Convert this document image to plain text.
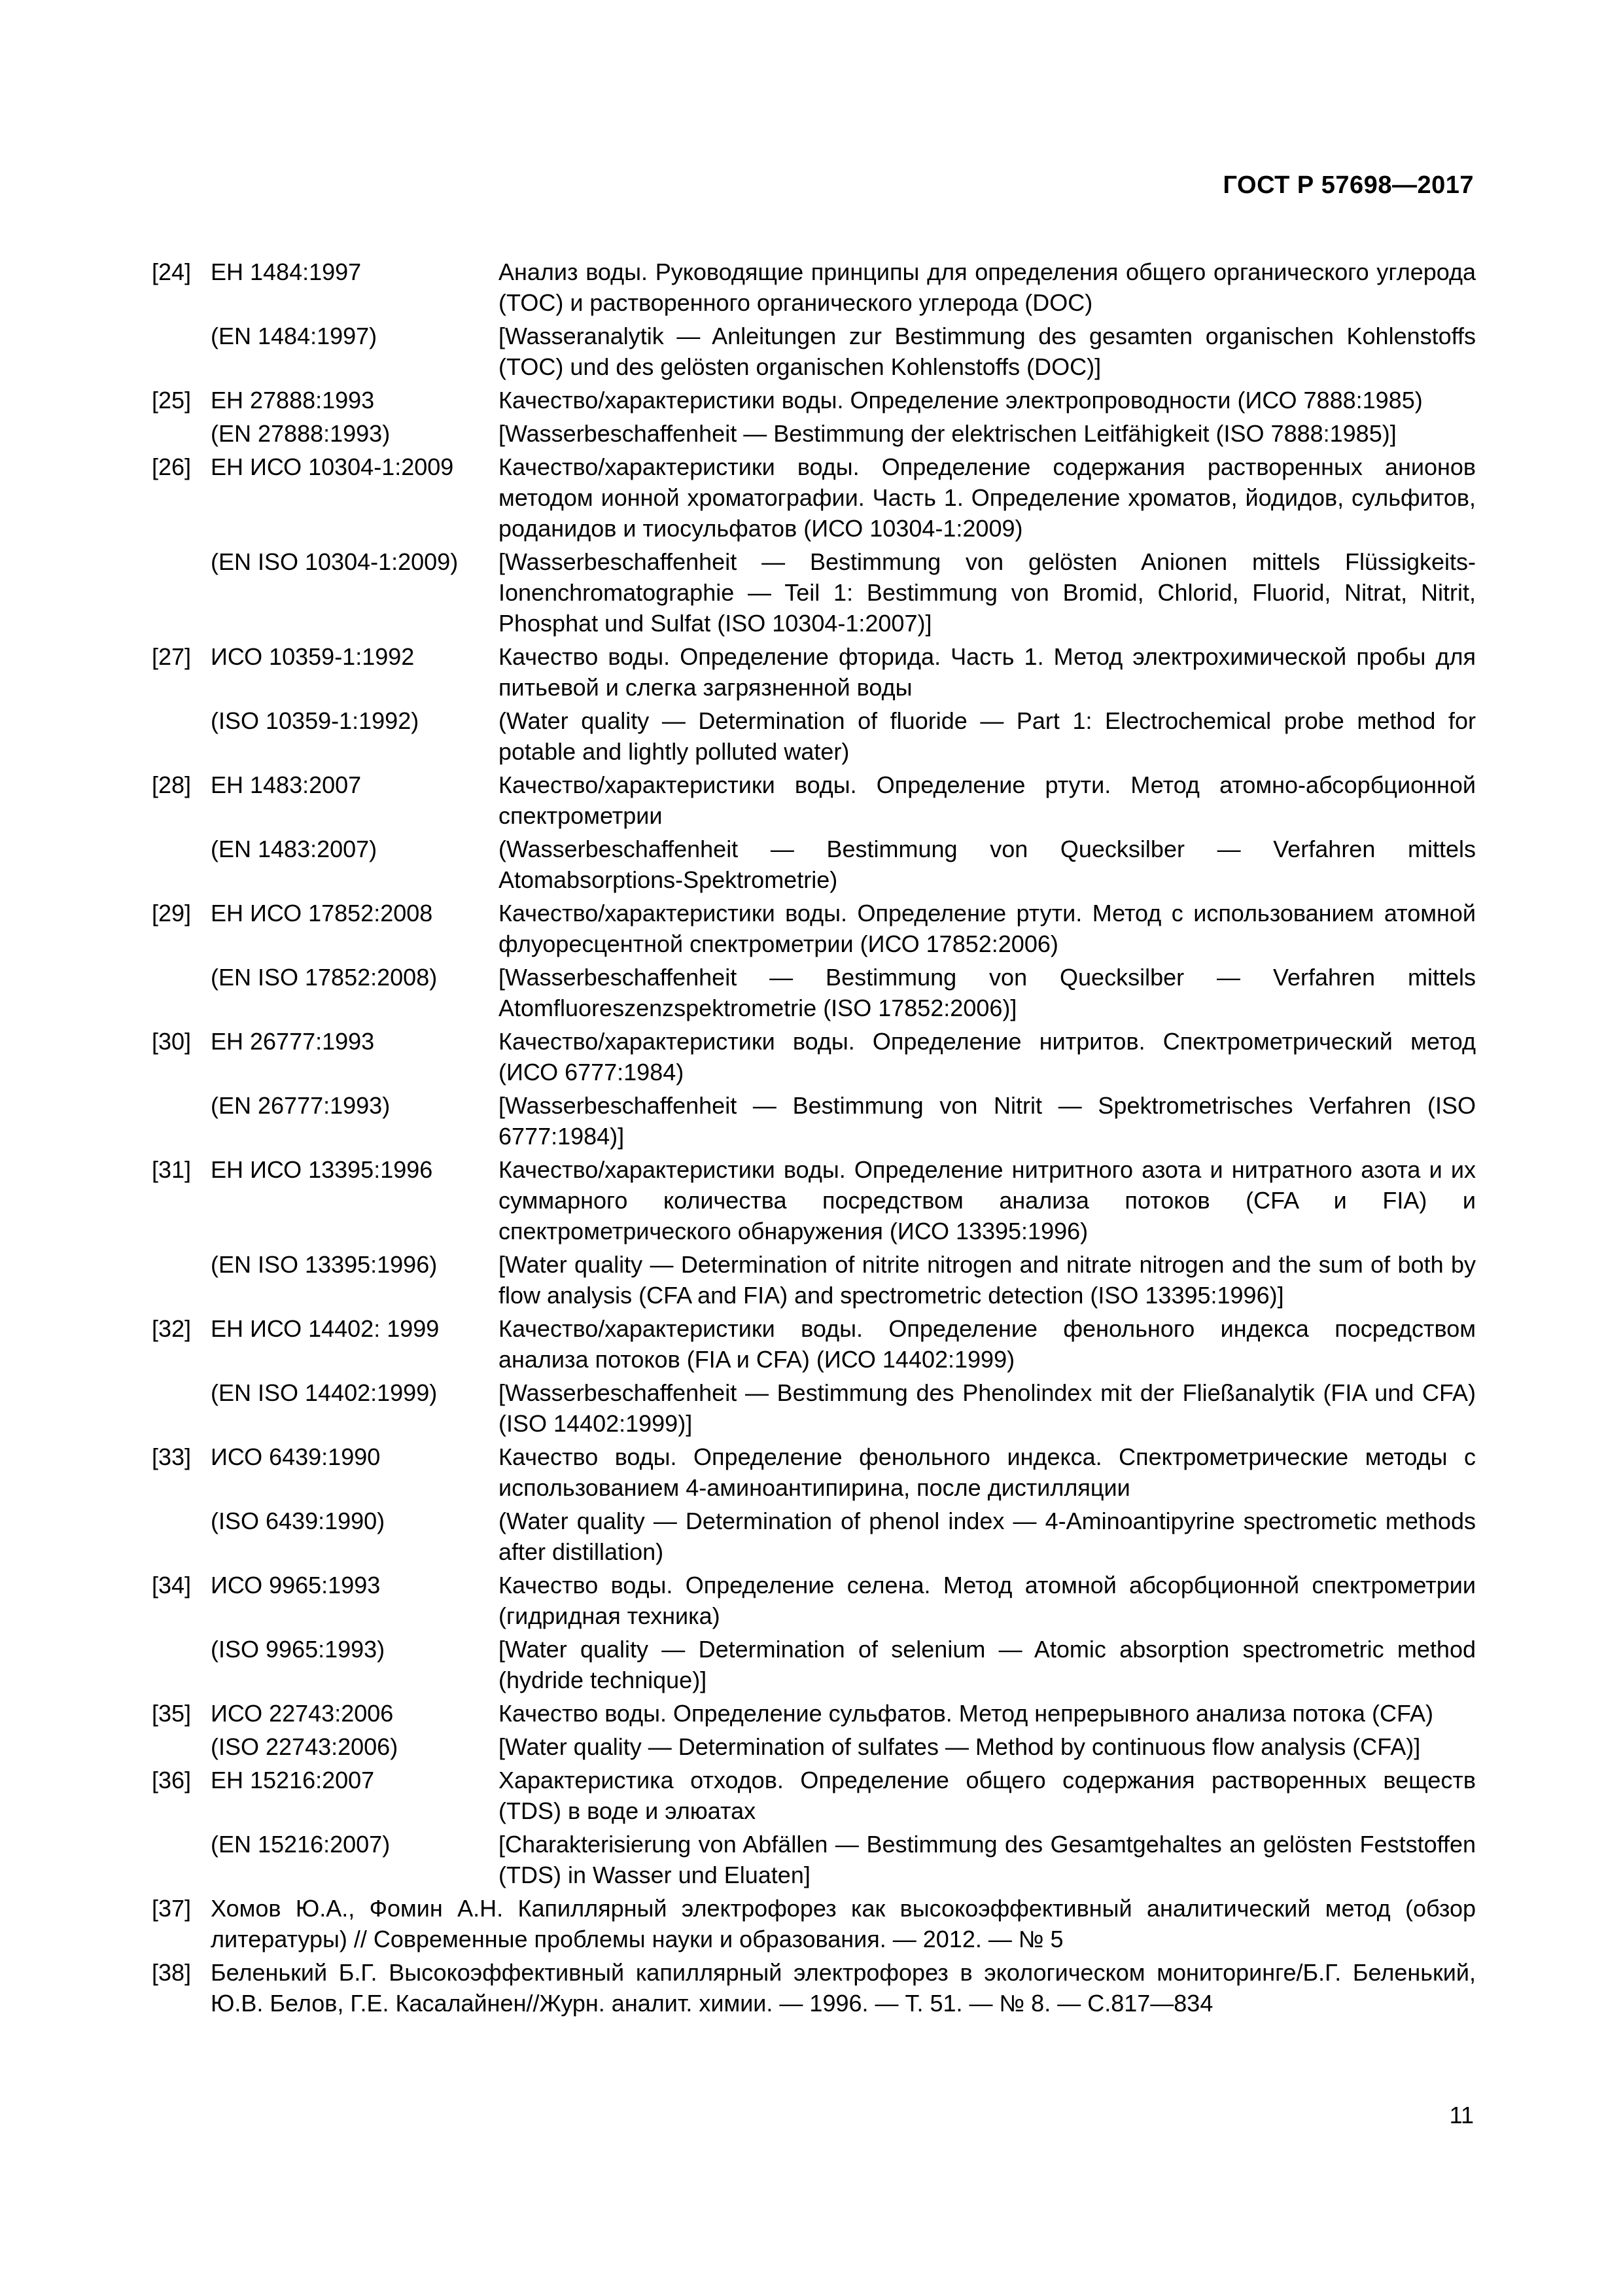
ГОСТ Р 57698—2017
[24] ЕН 1484:1997	Анализ воды. Руководящие принципы для определения общего органического углерода (TOC) и растворенного органического углерода (DOC)
(EN 1484:1997)	[Wasseranalytik — Anleitungen zur Bestimmung des gesamten organischen Kohlenstoffs (TOC) und des gelösten organischen Kohlenstoffs (DOC)]
[25] ЕН 27888:1993	Качество/характеристики воды. Определение электропроводности (ИСО 7888:1985)
(EN 27888:1993)	[Wasserbeschaffenheit — Bestimmung der elektrischen Leitfähigkeit (ISO 7888:1985)]
[26] ЕН ИСО 10304-1:2009	Качество/характеристики воды. Определение содержания растворенных анионов методом ионной хроматографии. Часть 1. Определение хроматов, йодидов, сульфитов, роданидов и тиосульфатов (ИСО 10304-1:2009)
(EN ISO 10304-1:2009)	[Wasserbeschaffenheit — Bestimmung von gelösten Anionen mittels Flüssigkeits-Ionenchromatographie — Teil 1: Bestimmung von Bromid, Chlorid, Fluorid, Nitrat, Nitrit, Phosphat und Sulfat (ISO 10304-1:2007)]
[27] ИСО 10359-1:1992	Качество воды. Определение фторида. Часть 1. Метод электрохимической пробы для питьевой и слегка загрязненной воды
(ISO 10359-1:1992)	(Water quality — Determination of fluoride — Part 1: Electrochemical probe method for potable and lightly polluted water)
[28] ЕН 1483:2007	Качество/характеристики воды. Определение ртути. Метод атомно-абсорбционной спектрометрии
(EN 1483:2007)	(Wasserbeschaffenheit — Bestimmung von Quecksilber — Verfahren mittels Atomabsorptions-Spektrometrie)
[29] ЕН ИСО 17852:2008	Качество/характеристики воды. Определение ртути. Метод с использованием атомной флуоресцентной спектрометрии (ИСО 17852:2006)
(EN ISO 17852:2008)	[Wasserbeschaffenheit — Bestimmung von Quecksilber — Verfahren mittels Atomfluoreszenzspektrometrie (ISO 17852:2006)]
[30] ЕН 26777:1993	Качество/характеристики воды. Определение нитритов. Спектрометрический метод (ИСО 6777:1984)
(EN 26777:1993)	[Wasserbeschaffenheit — Bestimmung von Nitrit — Spektrometrisches Verfahren (ISO 6777:1984)]
[31] ЕН ИСО 13395:1996	Качество/характеристики воды. Определение нитритного азота и нитратного азота и их суммарного количества посредством анализа потоков (CFA и FIA) и спектрометрического обнаружения (ИСО 13395:1996)
(EN ISO 13395:1996)	[Water quality — Determination of nitrite nitrogen and nitrate nitrogen and the sum of both by flow analysis (CFA and FIA) and spectrometric detection (ISO 13395:1996)]
[32] ЕН ИСО 14402: 1999	Качество/характеристики воды. Определение фенольного индекса посредством анализа потоков (FIA и CFA) (ИСО 14402:1999)
(EN ISO 14402:1999)	[Wasserbeschaffenheit — Bestimmung des Phenolindex mit der Fließanalytik (FIA und CFA) (ISO 14402:1999)]
[33] ИСО 6439:1990	Качество воды. Определение фенольного индекса. Спектрометрические методы с использованием 4-аминоантипирина, после дистилляции
(ISO 6439:1990)	(Water quality — Determination of phenol index — 4-Aminoantipyrine spectrometic methods after distillation)
[34] ИСО 9965:1993	Качество воды. Определение селена. Метод атомной абсорбционной спектрометрии (гидридная техника)
(ISO 9965:1993)	[Water quality — Determination of selenium — Atomic absorption spectrometric method (hydride technique)]
[35] ИСО 22743:2006	Качество воды. Определение сульфатов. Метод непрерывного анализа потока (CFA)
(ISO 22743:2006)	[Water quality — Determination of sulfates — Method by continuous flow analysis (CFA)]
[36] ЕН 15216:2007	Характеристика отходов. Определение общего содержания растворенных веществ (TDS) в воде и элюатах
(EN 15216:2007)	[Charakterisierung von Abfällen — Bestimmung des Gesamtgehaltes an gelösten Feststoffen (TDS) in Wasser und Eluaten]
[37] Хомов Ю.А., Фомин А.Н. Капиллярный электрофорез как высокоэффективный аналитический метод (обзор литературы) // Современные проблемы науки и образования. — 2012. — № 5
[38] Беленький Б.Г. Высокоэффективный капиллярный электрофорез в экологическом мониторинге/Б.Г. Беленький, Ю.В. Белов, Г.Е. Касалайнен//Журн. аналит. химии. — 1996. — Т. 51. — № 8. — С.817—834
11
